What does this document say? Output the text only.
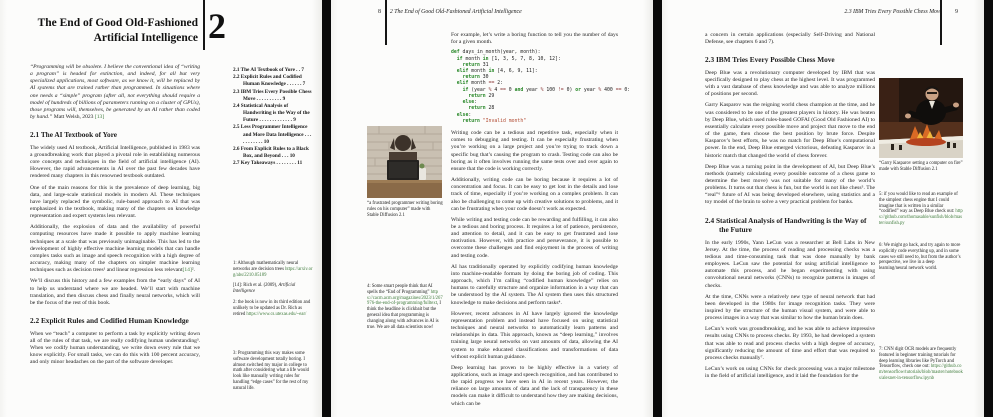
The End of Good Old-Fashioned
Artificial Intelligence 2

“Programming will be obsolete. I believe the conventional idea of “writing a program” is headed for extinction, and indeed, for all but very specialized applications, most software, as we know it, will be replaced by AI systems that are trained rather than programmed. In situations where one needs a “simple” program (after all, not everything should require a model of hundreds of billions of parameters running on a cluster of GPUs), those programs will, themselves, be generated by an AI rather than coded by hand.” Matt Welsh, 2023 [13]

2.1 The AI Textbook of Yore

The widely used AI textbook, Artificial Intelligence, published in 1983 was a groundbreaking work that played a pivotal role in establishing numerous core concepts and techniques in the field of artificial intelligence (AI). However, the rapid advancements in AI over the past few decades have rendered many chapters in this renowned textbook outdated.

One of the main reasons for this is the prevalence of deep learning, big data, and large-scale statistical models in modern AI. These techniques have largely replaced the symbolic, rule-based approach to AI that was emphasized in the textbook, making many of the chapters on knowledge representation and expert systems less relevant.

Additionally, the explosion of data and the availability of powerful computing resources have made it possible to apply machine learning techniques at a scale that was previously unimaginable. This has led to the development of highly effective machine learning models that can handle complex tasks such as image and speech recognition with a high degree of accuracy, making many of the chapters on simpler machine learning techniques such as decision trees¹ and linear regression less relevant[14]².

We’ll discuss this history and a few examples from the “early days” of AI to help us understand where we are headed. We’ll start with machine translation, and then discuss chess and finally neural networks, which will be the focus of the rest of this book.

2.2 Explicit Rules and Codified Human Knowledge

When we “teach” a computer to perform a task by explicitly writing down all of the rules of that task, we are really codifying human understanding³. When we codify human understanding, we write down every rule that we know explicitly. For small tasks, we can do this with 100 percent accuracy, and only minor headaches on the part of the software developer.

2.1 The AI Textbook of Yore . . 7
2.2 Explicit Rules and Codified Human Knowledge . . . . . . 7
2.3 IBM Tries Every Possible Chess Move . . . . . . . . . . 9
2.4 Statistical Analysis of Handwriting is the Way of the Future . . . . . . . . . . . . . 9
2.5 Less Programmer Intelligence and More Data Intelligence . . . . . . . . . . . 10
2.6 From Explicit Rules to a Black Box, and Beyond . . . 10
2.7 Key Takeaways . . . . . . . . 11
1: Although mathematically neural networks are decision trees https://arxiv.org/abs/2210.05189
[14]: Rich et al. (2009), Artificial Intelligence
2: the book is now in its third edition and unlikely to be updated as Dr. Rich as retired https://www.cs.utexas.edu/~ear/
3: Programming this way makes some software development totally boring. I almost switched my major in college to math after considering what a life would look like manually writing rules for handling “edge cases” for the rest of my natural life.
8 2 The End of Good Old-Fashioned Artificial Intelligence

For example, let’s write a boring function to tell you the number of days for a given month.

def days_in_month(year, month):
if month in [1, 3, 5, 7, 8, 10, 12]:
return 31
elif month in [4, 6, 9, 11]:
return 30
elif month == 2:
if (year % 4 == 0 and year % 100 != 0) or year % 400 == 0:
return 29
else:
return 28
else:
return "Invalid month"

Writing code can be a tedious and repetitive task, especially when it comes to debugging and testing. It can be especially frustrating when you’re working on a large project and you’re trying to track down a specific bug that’s causing the program to crash. Testing code can also be boring as it often involves running the same tests over and over again to ensure that the code is working correctly.

Additionally, writing code can be boring because it requires a lot of concentration and focus. It can be easy to get lost in the details and lose track of time, especially if you’re working on a complex problem. It can also be challenging to come up with creative solutions to problems, and it can be frustrating when your code doesn’t work as expected.

While writing and testing code can be rewarding and fulfilling, it can also be a tedious and boring process. It requires a lot of patience, persistence, and attention to detail, and it can be easy to get frustrated and lose motivation. However, with practice and perseverance, it is possible to overcome these challenges and find enjoyment in the process of writing and testing code.

AI has traditionally operated by explicitly codifying human knowledge into machine-readable formats by doing the boring job of coding. This approach, which I’m calling “codified human knowledge” relies on humans to carefully structure and organize information in a way that can be understood by the AI system. The AI system then uses this structured knowledge to make decisions and perform tasks⁴.

However, recent advances in AI have largely ignored the knowledge representation problem and instead have focused on using statistical techniques and neural networks to automatically learn patterns and relationships in data. This approach, known as “deep learning,” involves training large neural networks on vast amounts of data, allowing the AI system to make educated classifications and transformations of data without explicit human guidance.

Deep learning has proven to be highly effective in a variety of applications, such as image and speech recognition, and has contributed to the rapid progress we have seen in AI in recent years. However, the reliance on large amounts of data and the lack of transparency in these models can make it difficult to understand how they are making decisions, which can be

“a frustrated programmer writing boring rules on his computer” made with Stable Diffusion 2.1
4: Some smart people think that AI spells the “End of Programming” https://cacm.acm.org/magazines/2023/1/267976-the-end-of-programming/fulltext, I think the headline is clickbait but the general idea that programming is changing along with advances in AI is true. We are all data scientists now!
2.3 IBM Tries Every Possible Chess Move 9

a concern in certain applications (especially Self-Driving and National Defense, see chapters 6 and 7).

2.3 IBM Tries Every Possible Chess Move

Deep Blue was a revolutionary computer developed by IBM that was specifically designed to play chess at the highest level. It was programmed with a vast database of chess knowledge and was able to analyze millions of positions per second.

Garry Kasparov was the reigning world chess champion at the time, and he was considered to be one of the greatest players in history. He was beaten by Deep Blue, which used rules-based GOFAI (Good Old Fashioned AI) to essentially calculate every possible move and project that move to the end of the game, then choose the best position by brute force. Despite Kasparov’s best efforts, he was no match for Deep Blue’s computational power. In the end, Deep Blue emerged victorious, defeating Kasparov in a historic match that changed the world of chess forever.

Deep Blue was a turning point in the development of AI, but Deep Blue’s methods (namely calculating every possible outcome of a chess game to determine the best move) was not suitable for many of the world’s problems. It turns out that chess is fun, but the world is not like chess⁵. The “real”⁶ future of AI was being developed elsewhere, using statistics and a toy model of the brain to solve a very practical problem for banks.

2.4 Statistical Analysis of Handwriting is the Way of the Future

In the early 1990s, Yann LeCun was a researcher at Bell Labs in New Jersey. At the time, the process of reading and processing checks was a tedious and time-consuming task that was done manually by bank employees. LeCun saw the potential for using artificial intelligence to automate this process, and he began experimenting with using convolutional neural networks (CNNs) to recognize patterns in images of checks.

At the time, CNNs were a relatively new type of neural network that had been developed in the 1980s for image recognition tasks. They were inspired by the structure of the human visual system, and were able to process images in a way that was similar to how the human brain does.

LeCun’s work was groundbreaking, and he was able to achieve impressive results using CNNs to process checks. By 1993, he had developed a system that was able to read and process checks with a high degree of accuracy, significantly reducing the amount of time and effort that was required to process checks manually⁷.

LeCun’s work on using CNNs for check processing was a major milestone in the field of artificial intelligence, and it laid the foundation for the

“Garry Kasparov setting a computer on fire” made with Stable Diffusion 2.1
5: if you would like to read an example of the simplest chess engine that I could imagine that is written in a similar “codified” way as Deep Blue check out: https://github.com/thomasahle/sunfish/blob/master/sunfish.py
6: We might go back, and try again to more explicitly code everything up, and in some cases we still need to, but from the author’s perspective, we live in a deep learning/neural network world.
7: CNN digit OCR models are frequently featured in beginner training tutorials for deep learning libraries like PyTorch and Tensorflow, check one out: https://github.com/tensorflow/tutorials/blob/master/notebooks/alexnet-in-tensorflow.ipynb
